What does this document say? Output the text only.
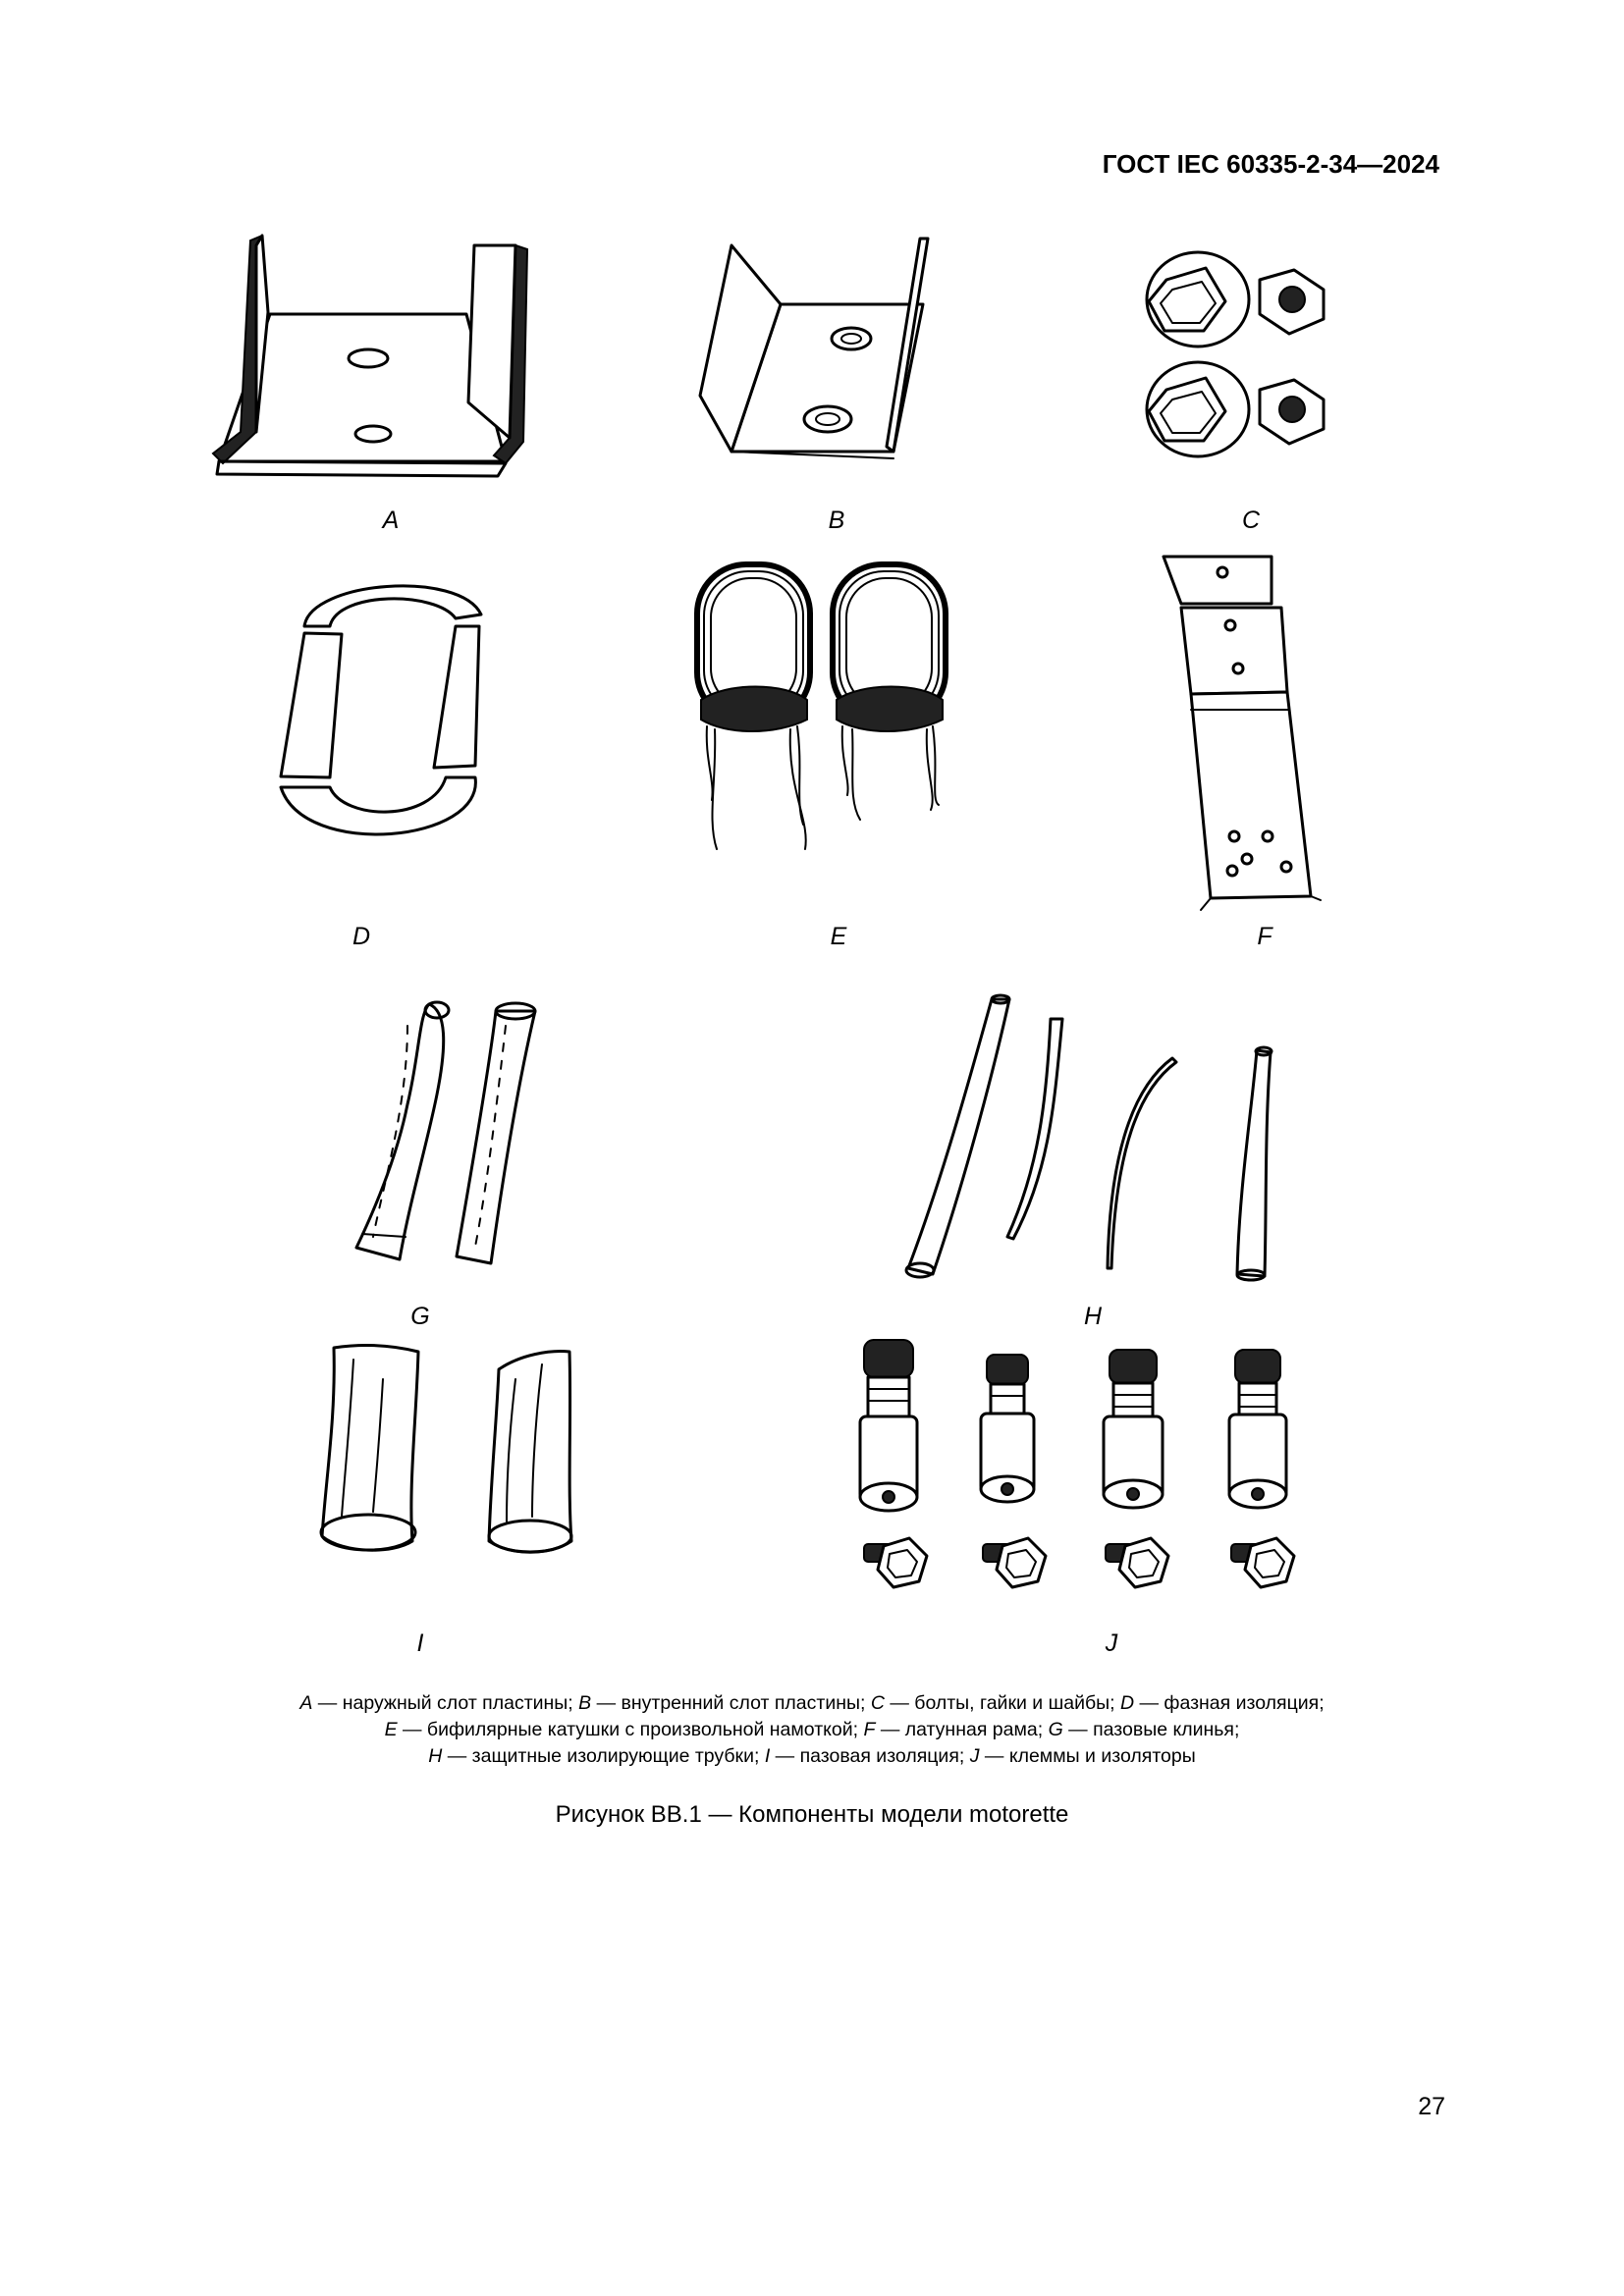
ГОСТ IEC 60335-2-34—2024
A	B	C
D	E	F
G	H
I	J

A — наружный слот пластины; B — внутренний слот пластины; C — болты, гайки и шайбы; D — фазная изоляция;

E — бифилярные катушки с произвольной намоткой; F — латунная рама; G — пазовые клинья;

H — защитные изолирующие трубки; I — пазовая изоляция; J — клеммы и изоляторы

Рисунок ВВ.1 — Компоненты модели motorette
27
